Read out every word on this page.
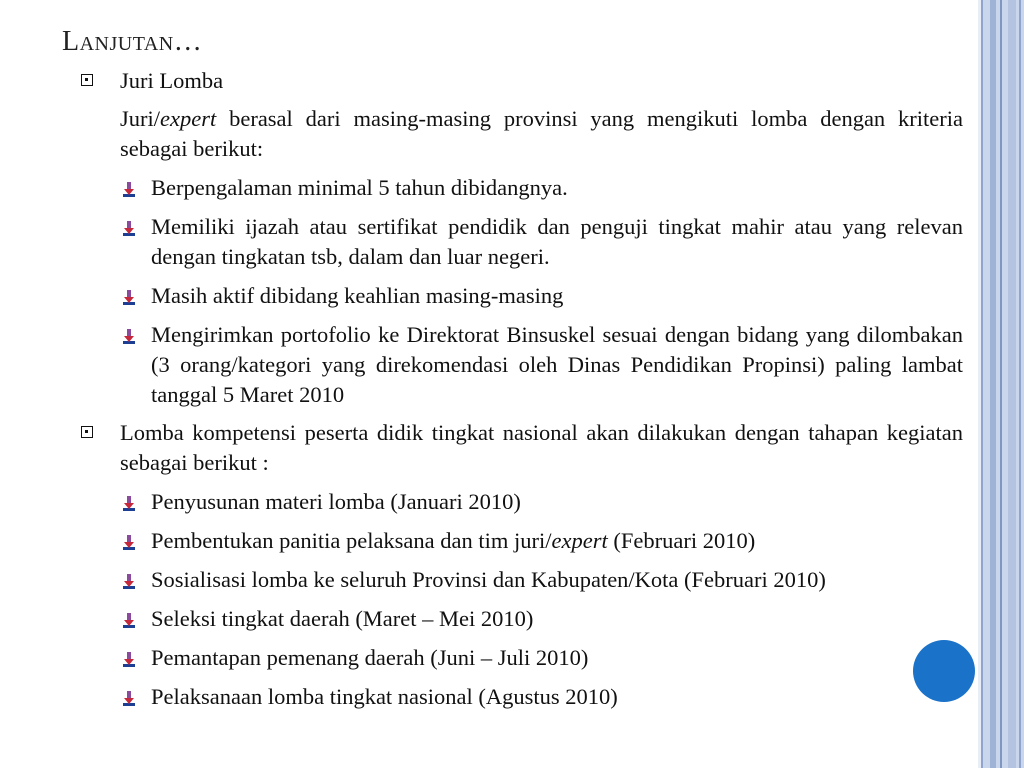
Lanjutan…
Juri Lomba
Juri/expert berasal dari masing-masing provinsi yang mengikuti lomba dengan kriteria sebagai berikut:
Berpengalaman minimal 5 tahun dibidangnya.
Memiliki ijazah atau sertifikat pendidik dan penguji tingkat mahir atau yang relevan dengan tingkatan tsb, dalam dan luar negeri.
Masih aktif dibidang keahlian masing-masing
Mengirimkan portofolio ke Direktorat Binsuskel sesuai dengan bidang yang dilombakan (3 orang/kategori yang direkomendasi oleh Dinas Pendidikan Propinsi) paling lambat tanggal 5 Maret 2010
Lomba kompetensi peserta didik tingkat nasional akan dilakukan dengan tahapan kegiatan sebagai berikut :
Penyusunan materi lomba (Januari 2010)
Pembentukan panitia pelaksana dan tim juri/expert (Februari 2010)
Sosialisasi lomba ke seluruh Provinsi dan Kabupaten/Kota (Februari 2010)
Seleksi tingkat daerah (Maret – Mei 2010)
Pemantapan pemenang daerah (Juni – Juli 2010)
Pelaksanaan lomba tingkat nasional (Agustus 2010)
